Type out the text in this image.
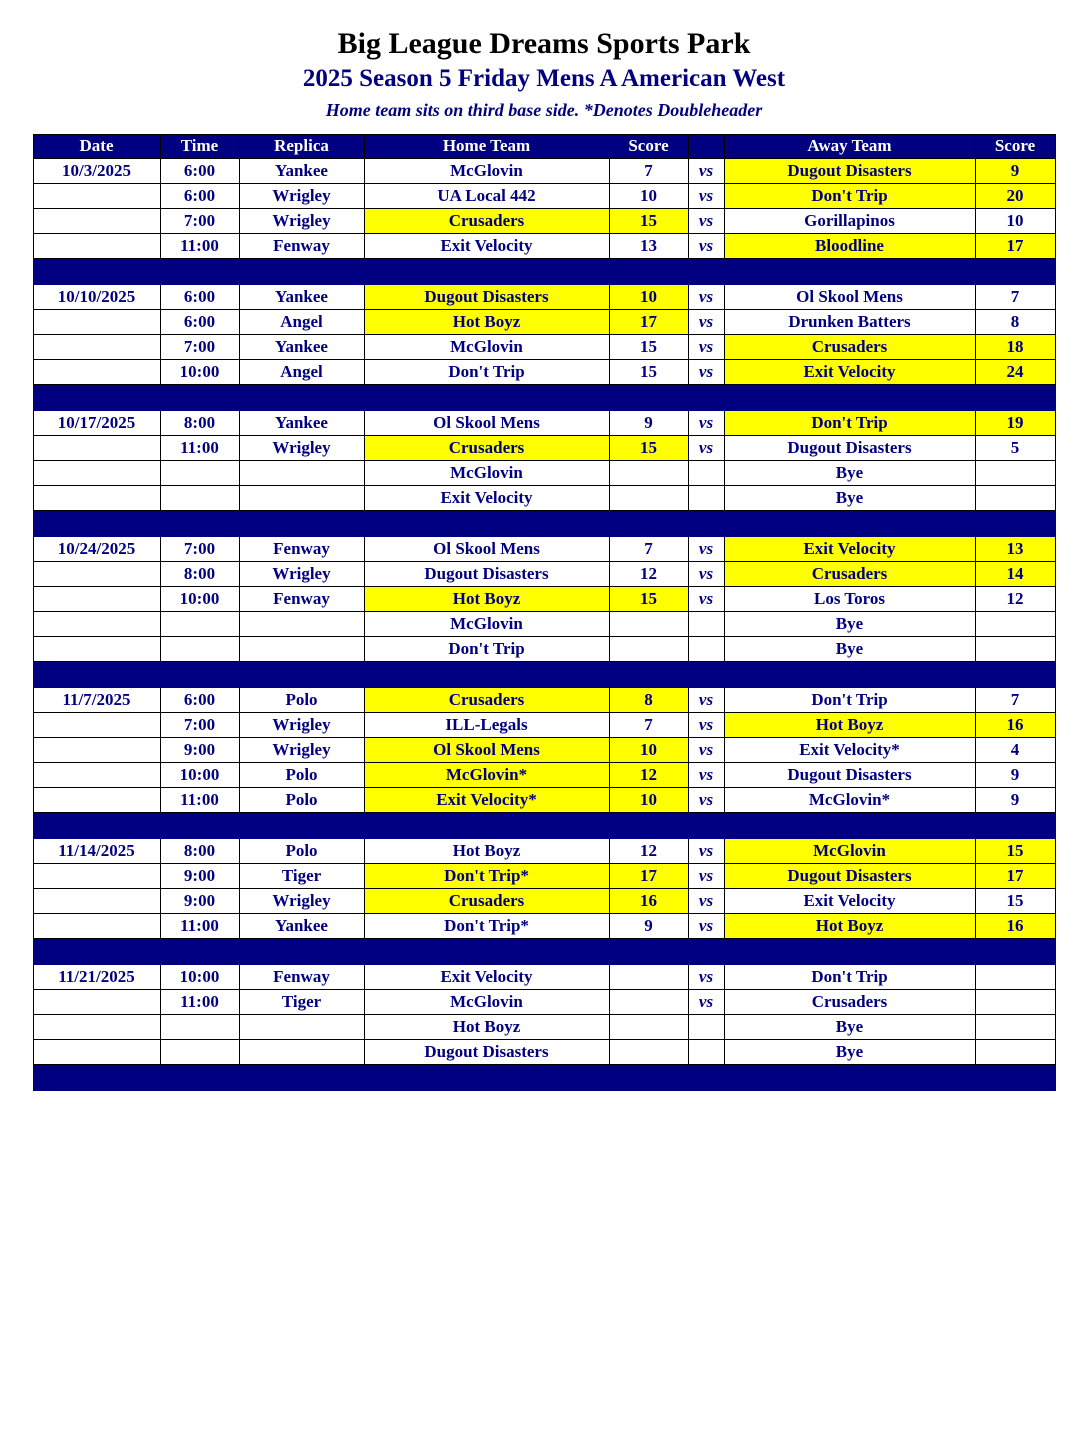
Big League Dreams Sports Park
2025 Season 5 Friday Mens A American West
Home team sits on third base side. *Denotes Doubleheader
Date	Time	Replica	Home Team	Score		Away Team	Score
10/3/2025	6:00	Yankee	McGlovin	7	vs	Dugout Disasters	9
	6:00	Wrigley	UA Local 442	10	vs	Don't Trip	20
	7:00	Wrigley	Crusaders	15	vs	Gorillapinos	10
	11:00	Fenway	Exit Velocity	13	vs	Bloodline	17

10/10/2025	6:00	Yankee	Dugout Disasters	10	vs	Ol Skool Mens	7
	6:00	Angel	Hot Boyz	17	vs	Drunken Batters	8
	7:00	Yankee	McGlovin	15	vs	Crusaders	18
	10:00	Angel	Don't Trip	15	vs	Exit Velocity	24

10/17/2025	8:00	Yankee	Ol Skool Mens	9	vs	Don't Trip	19
	11:00	Wrigley	Crusaders	15	vs	Dugout Disasters	5
			McGlovin			Bye	
			Exit Velocity			Bye	

10/24/2025	7:00	Fenway	Ol Skool Mens	7	vs	Exit Velocity	13
	8:00	Wrigley	Dugout Disasters	12	vs	Crusaders	14
	10:00	Fenway	Hot Boyz	15	vs	Los Toros	12
			McGlovin			Bye	
			Don't Trip			Bye	

11/7/2025	6:00	Polo	Crusaders	8	vs	Don't Trip	7
	7:00	Wrigley	ILL-Legals	7	vs	Hot Boyz	16
	9:00	Wrigley	Ol Skool Mens	10	vs	Exit Velocity*	4
	10:00	Polo	McGlovin*	12	vs	Dugout Disasters	9
	11:00	Polo	Exit Velocity*	10	vs	McGlovin*	9

11/14/2025	8:00	Polo	Hot Boyz	12	vs	McGlovin	15
	9:00	Tiger	Don't Trip*	17	vs	Dugout Disasters	17
	9:00	Wrigley	Crusaders	16	vs	Exit Velocity	15
	11:00	Yankee	Don't Trip*	9	vs	Hot Boyz	16

11/21/2025	10:00	Fenway	Exit Velocity		vs	Don't Trip	
	11:00	Tiger	McGlovin		vs	Crusaders	
			Hot Boyz			Bye	
			Dugout Disasters			Bye	
